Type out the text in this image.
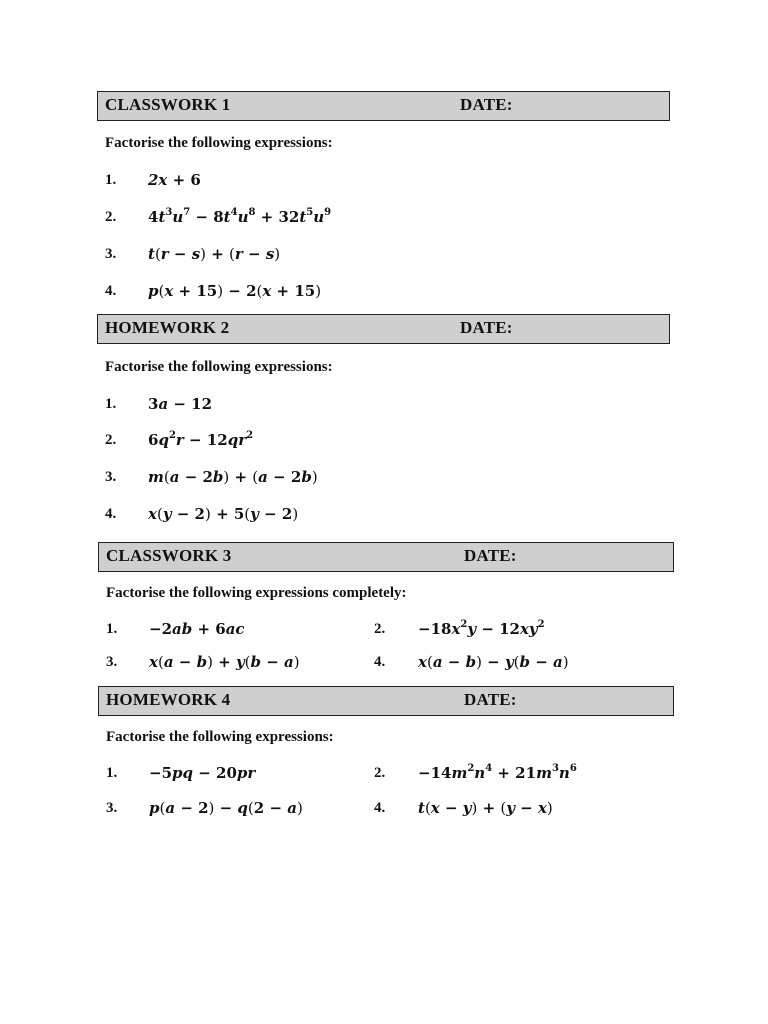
CLASSWORK 1	DATE:
Factorise the following expressions:
1. 2x + 6
2. $4t^3u^7 - 8t^4u^8 + 32t^5u^9$
3. t(r − s) + (r − s)
4. p(x + 15) − 2(x + 15)
HOMEWORK 2	DATE:
Factorise the following expressions:
1. 3a − 12
2. $6q^2r - 12qr^2$
3. m(a − 2b) + (a − 2b)
4. x(y − 2) + 5(y − 2)
CLASSWORK 3	DATE:
Factorise the following expressions completely:
1. −2ab + 6ac	2. $-18x^2y - 12xy^2$
3. x(a − b) + y(b − a)	4. x(a − b) − y(b − a)
HOMEWORK 4	DATE:
Factorise the following expressions:
1. −5pq − 20pr	2. $-14m^2n^4 + 21m^3n^6$
3. p(a − 2) − q(2 − a)	4. t(x − y) + (y − x)
